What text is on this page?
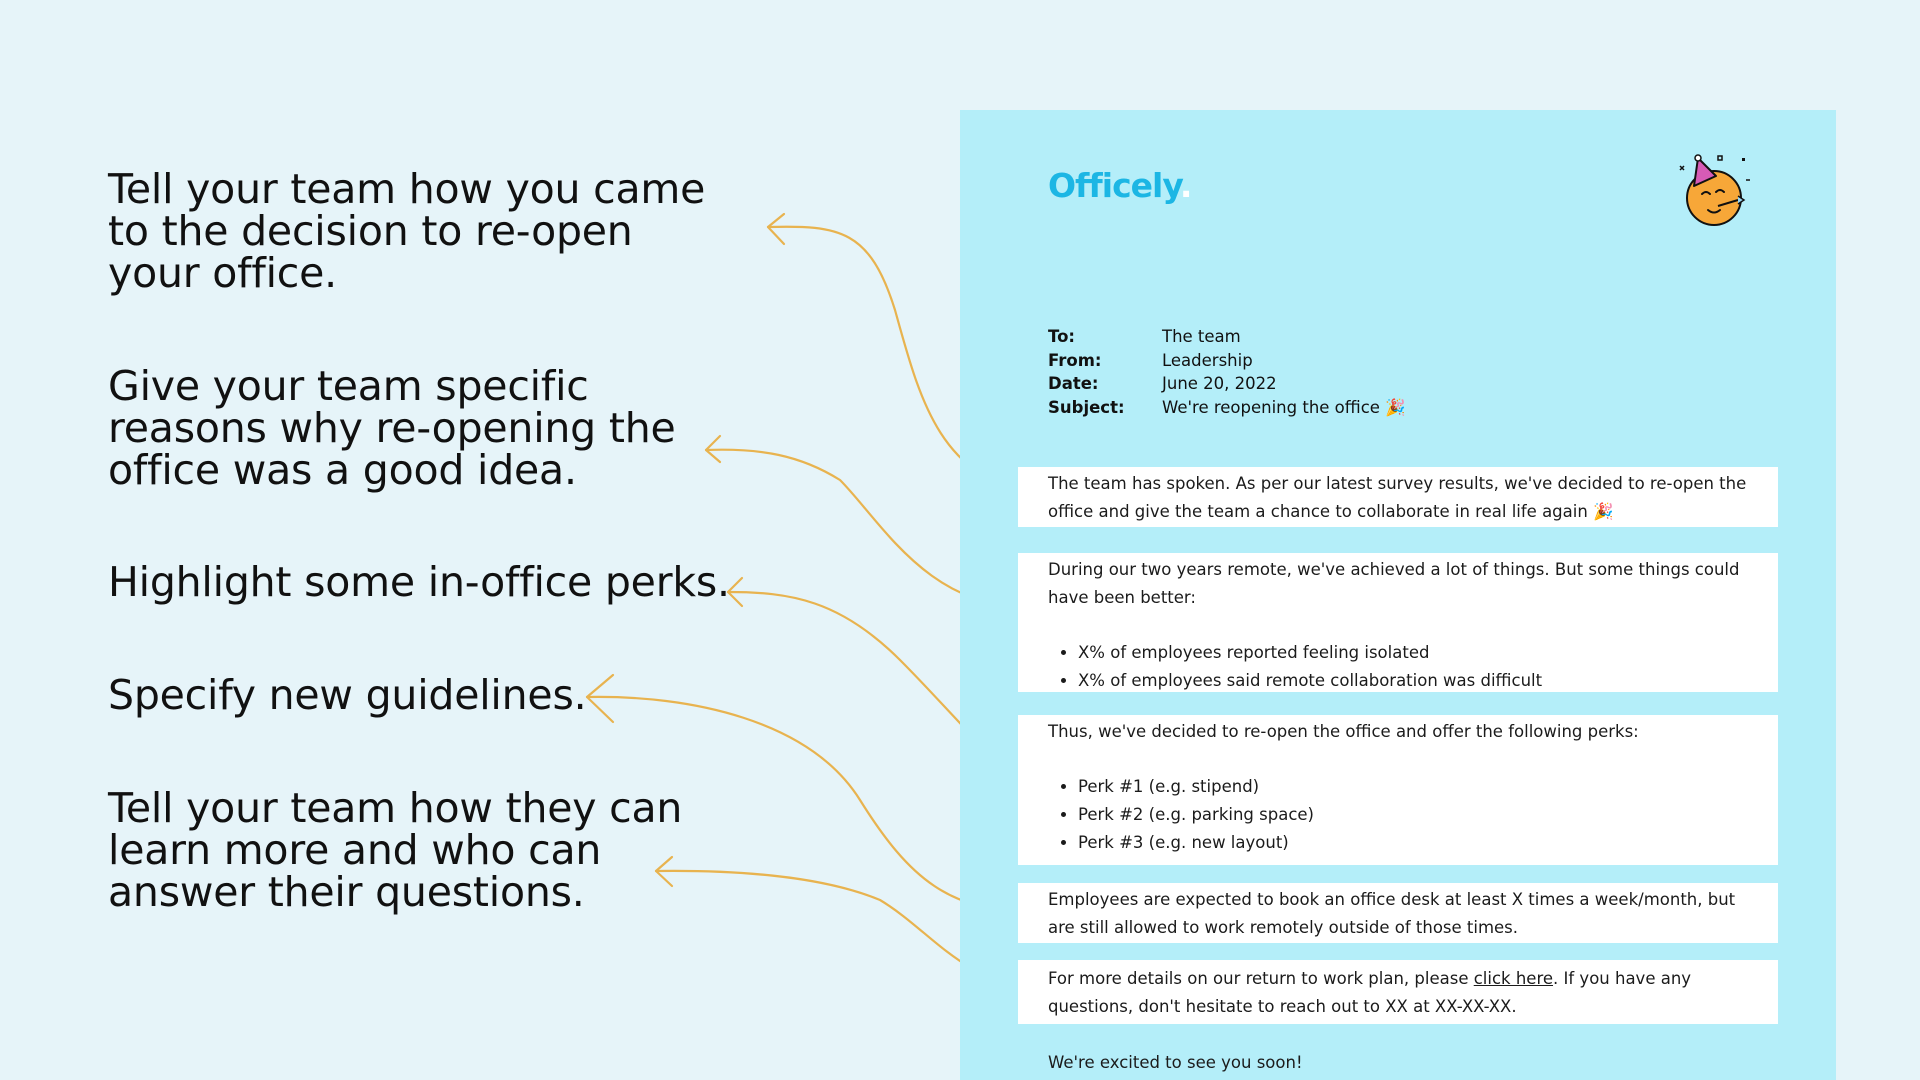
Tell your team how you came
to the decision to re-open
your office.

Give your team specific
reasons why re-opening the
office was a good idea.

Highlight some in-office perks.

Specify new guidelines.

Tell your team how they can
learn more and who can
answer their questions.

Officely.
To:	The team
From:	Leadership
Date:	June 20, 2022
Subject:	We're reopening the office 🎉

The team has spoken. As per our latest survey results, we've decided to re-open the office and give the team a chance to collaborate in real life again 🎉

During our two years remote, we've achieved a lot of things. But some things could have been better:

• X% of employees reported feeling isolated
• X% of employees said remote collaboration was difficult

Thus, we've decided to re-open the office and offer the following perks:

• Perk #1 (e.g. stipend)
• Perk #2 (e.g. parking space)
• Perk #3 (e.g. new layout)

Employees are expected to book an office desk at least X times a week/month, but are still allowed to work remotely outside of those times.

For more details on our return to work plan, please click here. If you have any questions, don't hesitate to reach out to XX at XX-XX-XX.

We're excited to see you soon!
